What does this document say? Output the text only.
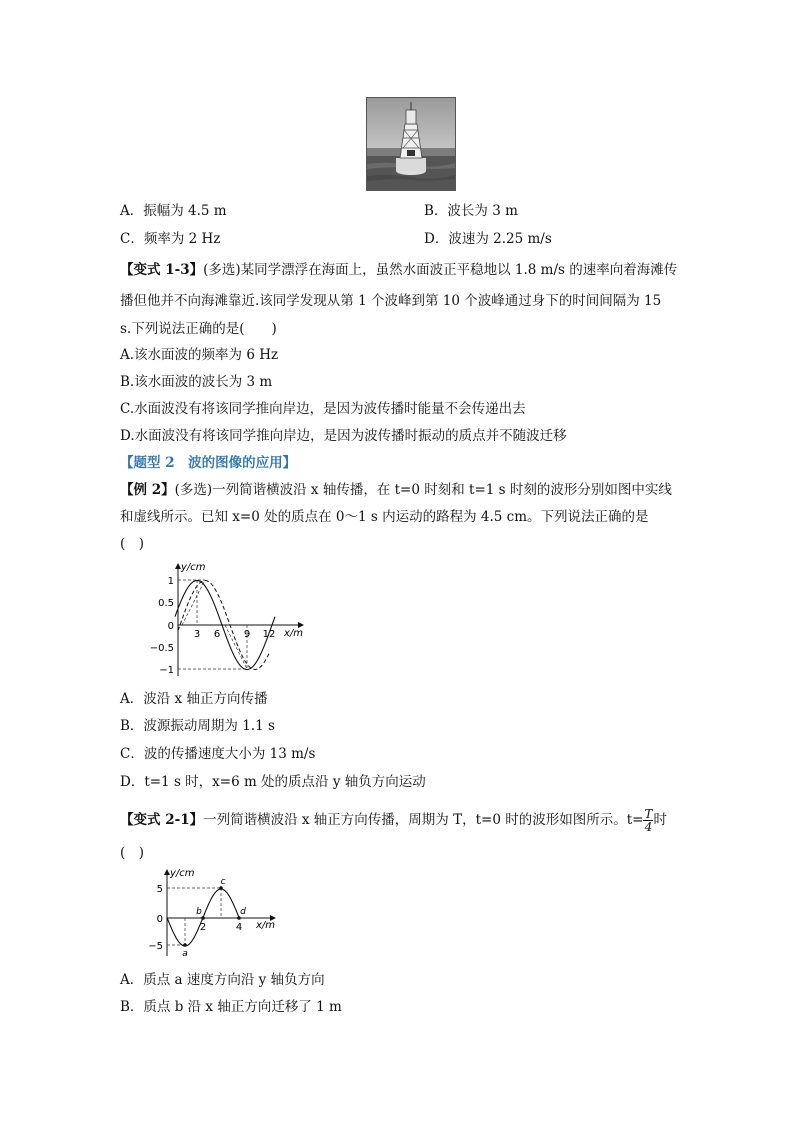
A．振幅为 4.5 m	B．波长为 3 m
C．频率为 2 Hz	D．波速为 2.25 m/s
【变式 1-3】(多选)某同学漂浮在海面上，虽然水面波正平稳地以 1.8 m/s 的速率向着海滩传
播但他并不向海滩靠近.该同学发现从第 1 个波峰到第 10 个波峰通过身下的时间间隔为 15
s.下列说法正确的是(　　)
A.该水面波的频率为 6 Hz
B.该水面波的波长为 3 m
C.水面波没有将该同学推向岸边，是因为波传播时能量不会传递出去
D.水面波没有将该同学推向岸边，是因为波传播时振动的质点并不随波迁移
【题型 2　波的图像的应用】
【例 2】(多选)一列简谐横波沿 x 轴传播，在 t=0 时刻和 t=1 s 时刻的波形分别如图中实线
和虚线所示。已知 x=0 处的质点在 0～1 s 内运动的路程为 4.5 cm。下列说法正确的是
(　)
y/cm
x/m
1
0.5
0
−0.5
−1
3 6 9 12
A．波沿 x 轴正方向传播
B．波源振动周期为 1.1 s
C．波的传播速度大小为 13 m/s
D．t=1 s 时，x=6 m 处的质点沿 y 轴负方向运动
【变式 2-1】一列简谐横波沿 x 轴正方向传播，周期为 T，t=0 时的波形如图所示。$t= \frac{T}{4}$ 时
(　)
y/cm
x/m
5
0
−5
2	4
a
b
c
d
A．质点 a 速度方向沿 y 轴负方向
B．质点 b 沿 x 轴正方向迁移了 1 m
